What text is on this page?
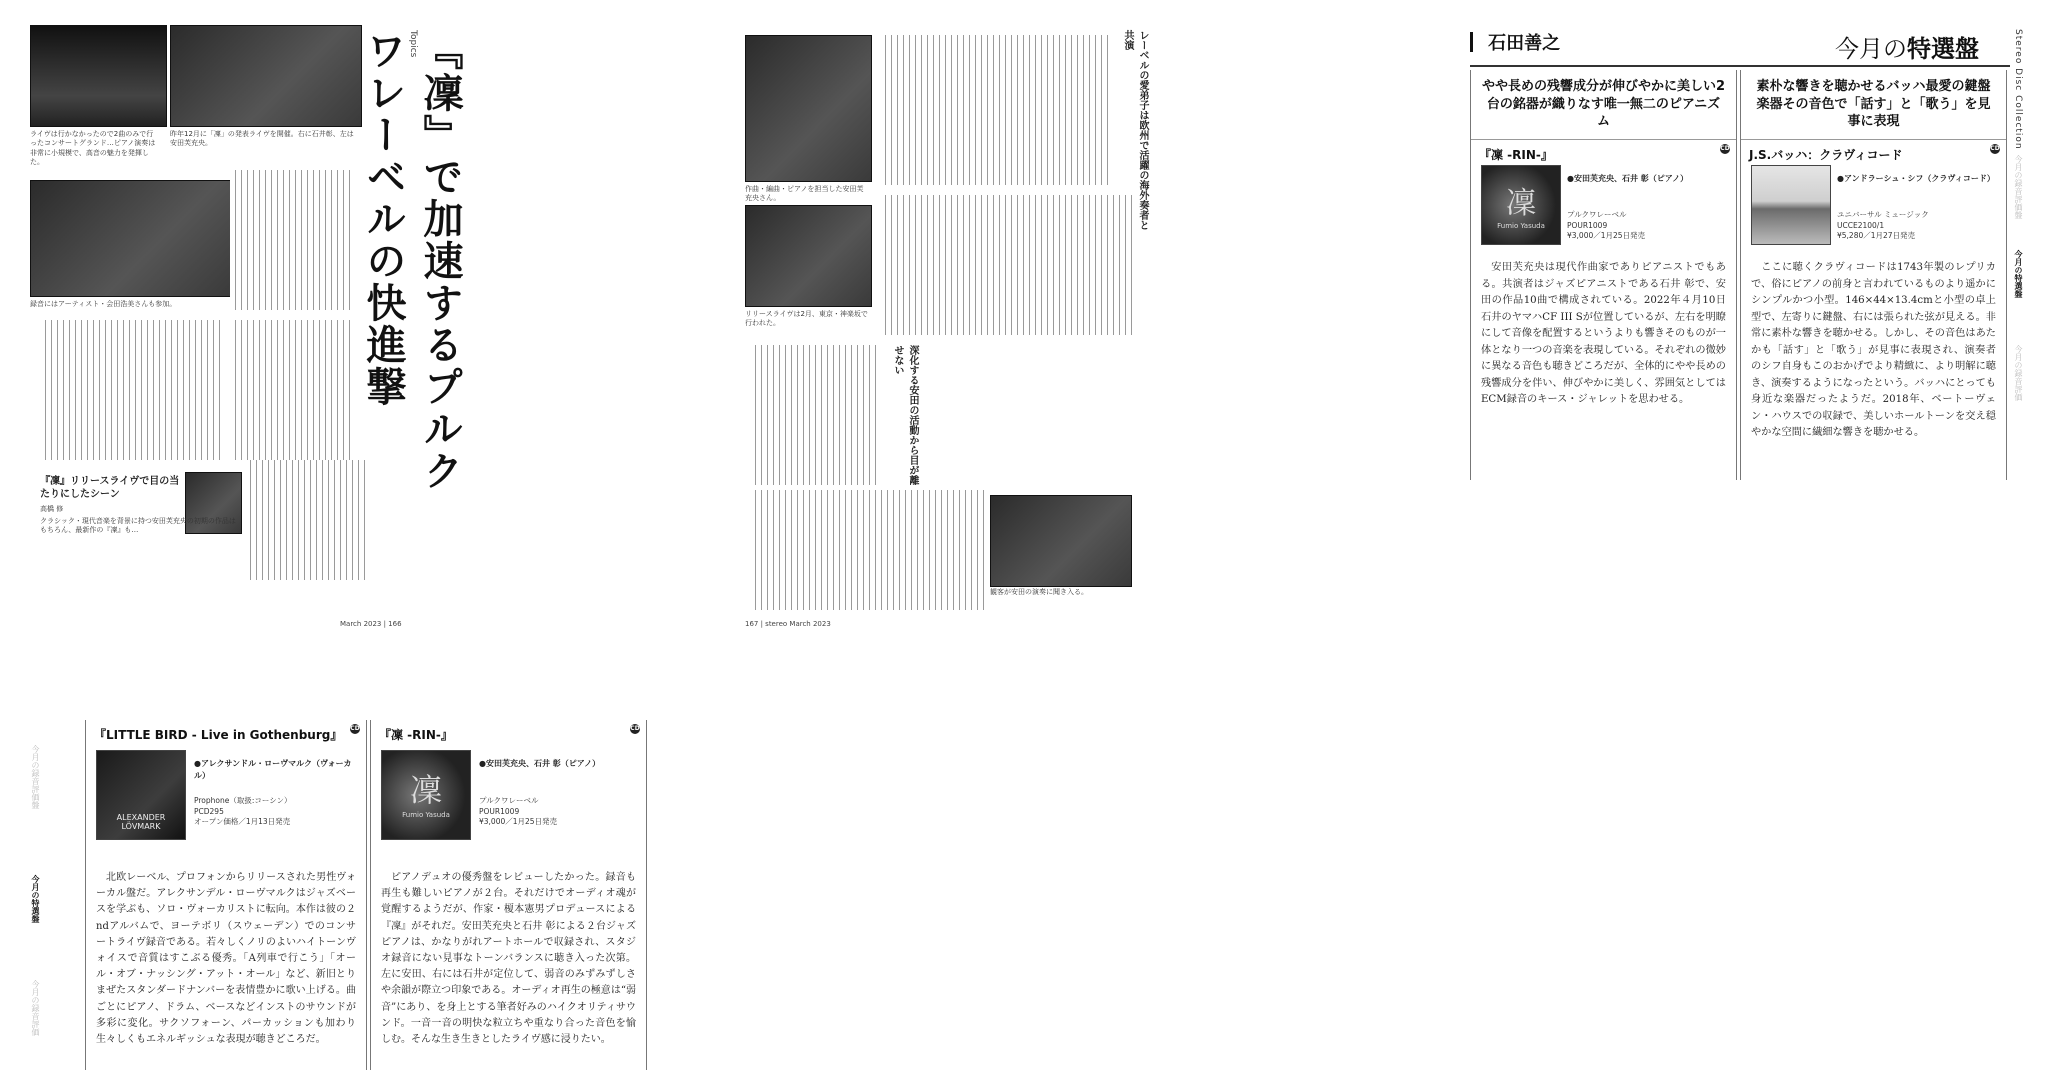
ライヴは行かなかったので2曲のみで行ったコンサートグランド…ピアノ演奏は非常に小規模で、高音の魅力を発揮した。
昨年12月に「凜」の発表ライヴを開催。右に石井彰、左は安田芙充央。
録音にはアーティスト・会田浩美さんも参加。
Topics 『凜』で加速するプルクワレーベルの快進撃
『凜』リリースライヴで目の当たりにしたシーン
高橋 修
クラシック・現代音楽を背景に持つ安田芙充央の初期の作品はもちろん、最新作の『凜』も…
March 2023 | 166
作曲・編曲・ピアノを担当した安田芙充央さん。
リリースライヴは2月、東京・神楽坂で行われた。
レーベルの愛弟子は欧州で活躍の海外奏者と共演
深化する安田の活動から目が離せない
観客が安田の演奏に聞き入る。
167 | stereo March 2023
石田善之	今月の特選盤
やや長めの残響成分が伸びやかに美しい2台の銘器が織りなす唯一無二のピアニズム
『凜 -RIN-』	CD
凜
Fumio Yasuda
●安田芙充央、石井 彰（ピアノ）
プルクワレーベル
POUR1009
¥3,000／1月25日発売
安田芙充央は現代作曲家でありピアニストでもある。共演者はジャズピアニストである石井 彰で、安田の作品10曲で構成されている。2022年４月10日石井のヤマハCF III Sが位置しているが、左右を明瞭にして音像を配置するというよりも響きそのものが一体となり一つの音楽を表現している。それぞれの微妙に異なる音色も聴きどころだが、全体的にやや長めの残響成分を伴い、伸びやかに美しく、雰囲気としてはECM録音のキース・ジャレットを思わせる。
素朴な響きを聴かせるバッハ最愛の鍵盤楽器その音色で「話す」と「歌う」を見事に表現
J.S.バッハ：クラヴィコード	CD
●アンドラーシュ・シフ（クラヴィコード）
ユニバーサル ミュージック
UCCE2100/1
¥5,280／1月27日発売
ここに聴くクラヴィコードは1743年製のレプリカで、俗にピアノの前身と言われているものより遥かにシンプルかつ小型。146×44×13.4cmと小型の卓上型で、左寄りに鍵盤、右には張られた弦が見える。非常に素朴な響きを聴かせる。しかし、その音色はあたかも「話す」と「歌う」が見事に表現され、演奏者のシフ自身もこのおかげでより精緻に、より明解に聴き、演奏するようになったという。バッハにとっても身近な楽器だったようだ。2018年、ベートーヴェン・ハウスでの収録で、美しいホールトーンを交え穏やかな空間に繊細な響きを聴かせる。
Stereo Disc Collection
今月の録音評価盤
今月の特選盤
今月の録音評価
今月の録音評価盤
今月の特選盤
今月の録音評価
『LITTLE BIRD - Live in Gothenburg』 CD
ALEXANDER LÖVMARK
●アレクサンドル・ローヴマルク（ヴォーカル）
Prophone（取扱:コーシン）
PCD295
オープン価格／1月13日発売
北欧レーベル、プロフォンからリリースされた男性ヴォーカル盤だ。アレクサンデル・ローヴマルクはジャズベースを学ぶも、ソロ・ヴォーカリストに転向。本作は彼の２ndアルバムで、ヨーテボリ（スウェーデン）でのコンサートライヴ録音である。若々しくノリのよいハイトーンヴォイスで音質はすこぶる優秀。「A列車で行こう」「オール・オブ・ナッシング・アット・オール」など、新旧とりまぜたスタンダードナンバーを表情豊かに歌い上げる。曲ごとにピアノ、ドラム、ベースなどインストのサウンドが多彩に変化。サクソフォーン、パーカッションも加わり生々しくもエネルギッシュな表現が聴きどころだ。
『凜 -RIN-』	CD
凜
Fumio Yasuda
●安田芙充央、石井 彰（ピアノ）
プルクワレーベル
POUR1009
¥3,000／1月25日発売
ピアノデュオの優秀盤をレビューしたかった。録音も再生も難しいピアノが２台。それだけでオーディオ魂が覚醒するようだが、作家・榎本憲男プロデュースによる『凜』がそれだ。安田芙充央と石井 彰による２台ジャズピアノは、かなりがれアートホールで収録され、スタジオ録音にない見事なトーンバランスに聴き入った次第。左に安田、右には石井が定位して、弱音のみずみずしさや余韻が際立つ印象である。オーディオ再生の極意は“弱音”にあり、を身上とする筆者好みのハイクオリティサウンド。一音一音の明快な粒立ちや重なり合った音色を愉しむ。そんな生き生きとしたライヴ感に浸りたい。
